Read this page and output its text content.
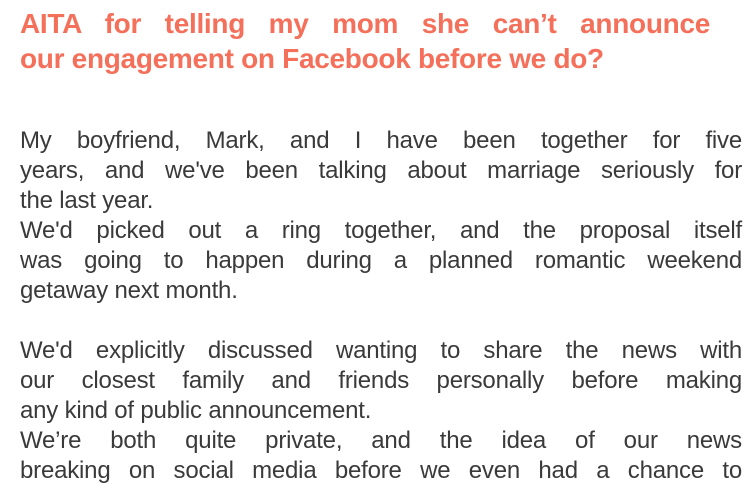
AITA for telling my mom she can’t announce
our engagement on Facebook before we do?

My boyfriend, Mark, and I have been together for five
years, and we've been talking about marriage seriously for
the last year.

We'd picked out a ring together, and the proposal itself
was going to happen during a planned romantic weekend
getaway next month.

We'd explicitly discussed wanting to share the news with
our closest family and friends personally before making
any kind of public announcement.

We’re both quite private, and the idea of our news
breaking on social media before we even had a chance to
